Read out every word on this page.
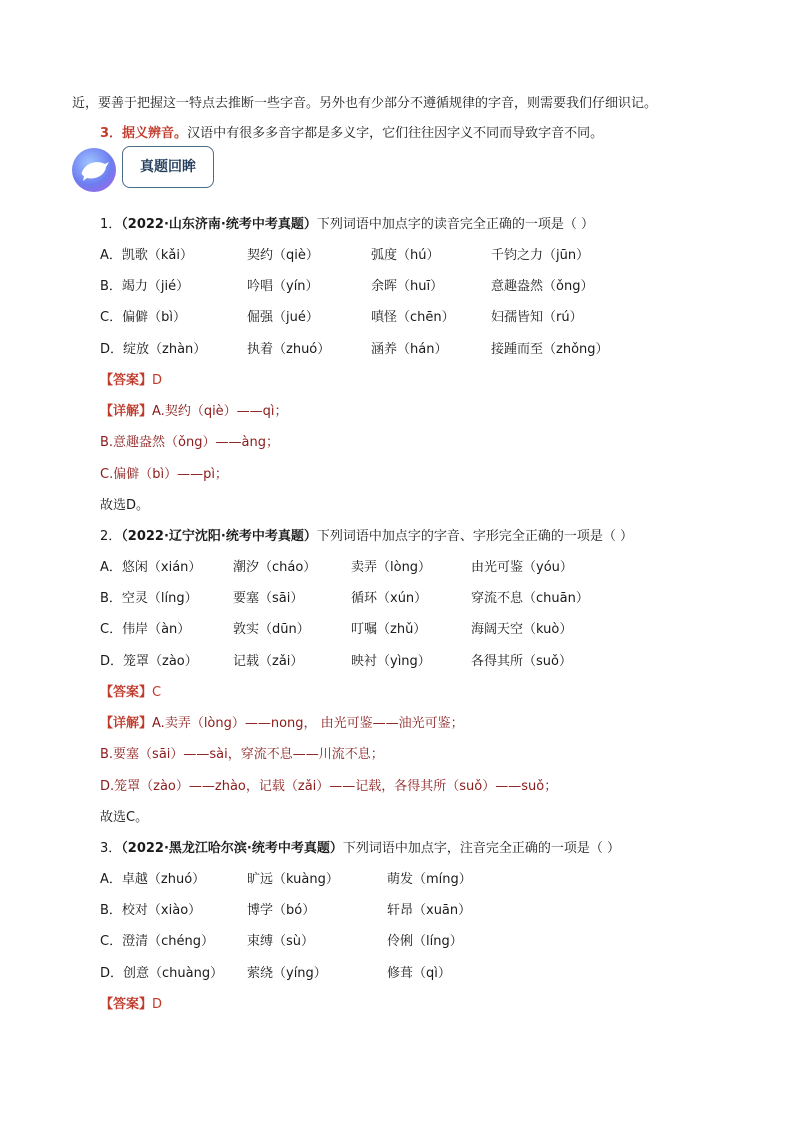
近，要善于把握这一特点去推断一些字音。另外也有少部分不遵循规律的字音，则需要我们仔细识记。
3．据义辨音。汉语中有很多多音字都是多义字，它们往往因字义不同而导致字音不同。
真题回眸
1．（2022·山东济南·统考中考真题）下列词语中加点字的读音完全正确的一项是（ ）
A．凯歌（kǎi）	契约（qiè）	弧度（hú）	千钧之力（jūn）
B．竭力（jié）	吟唱（yín）	余晖（huī）	意趣盎然（ǒng）
C．偏僻（bì）	倔强（jué）	嗔怪（chēn）	妇孺皆知（rú）
D．绽放（zhàn）	执着（zhuó）	涵养（hán）	接踵而至（zhǒng）
【答案】D
【详解】A.契约（qiè）——qì；
B.意趣盎然（ǒng）——àng；
C.偏僻（bì）——pì；
故选D。
2．（2022·辽宁沈阳·统考中考真题）下列词语中加点字的字音、字形完全正确的一项是（ ）
A．悠闲（xián） 潮汐（cháo）	卖弄（lòng）	由光可鉴（yóu）
B．空灵（líng）	要塞（sāi）	循环（xún）	穿流不息（chuān）
C．伟岸（àn）	敦实（dūn）	叮嘱（zhǔ）	海阔天空（kuò）
D．笼罩（zào）	记载（zǎi）	映衬（yìng）	各得其所（suǒ）
【答案】C
【详解】A.卖弄（lòng）——nong， 由光可鉴——油光可鉴；
B.要塞（sāi）——sài，穿流不息——川流不息；
D.笼罩（zào）——zhào，记载（zǎi）——记载，各得其所（suǒ）——suǒ；
故选C。
3．（2022·黑龙江哈尔滨·统考中考真题）下列词语中加点字，注音完全正确的一项是（ ）
A．卓越（zhuó）	旷远（kuàng）	萌发（míng）
B．校对（xiào）	博学（bó）	轩昂（xuān）
C．澄清（chéng）	束缚（sù）	伶俐（líng）
D．创意（chuàng） 萦绕（yíng）	修葺（qì）
【答案】D
